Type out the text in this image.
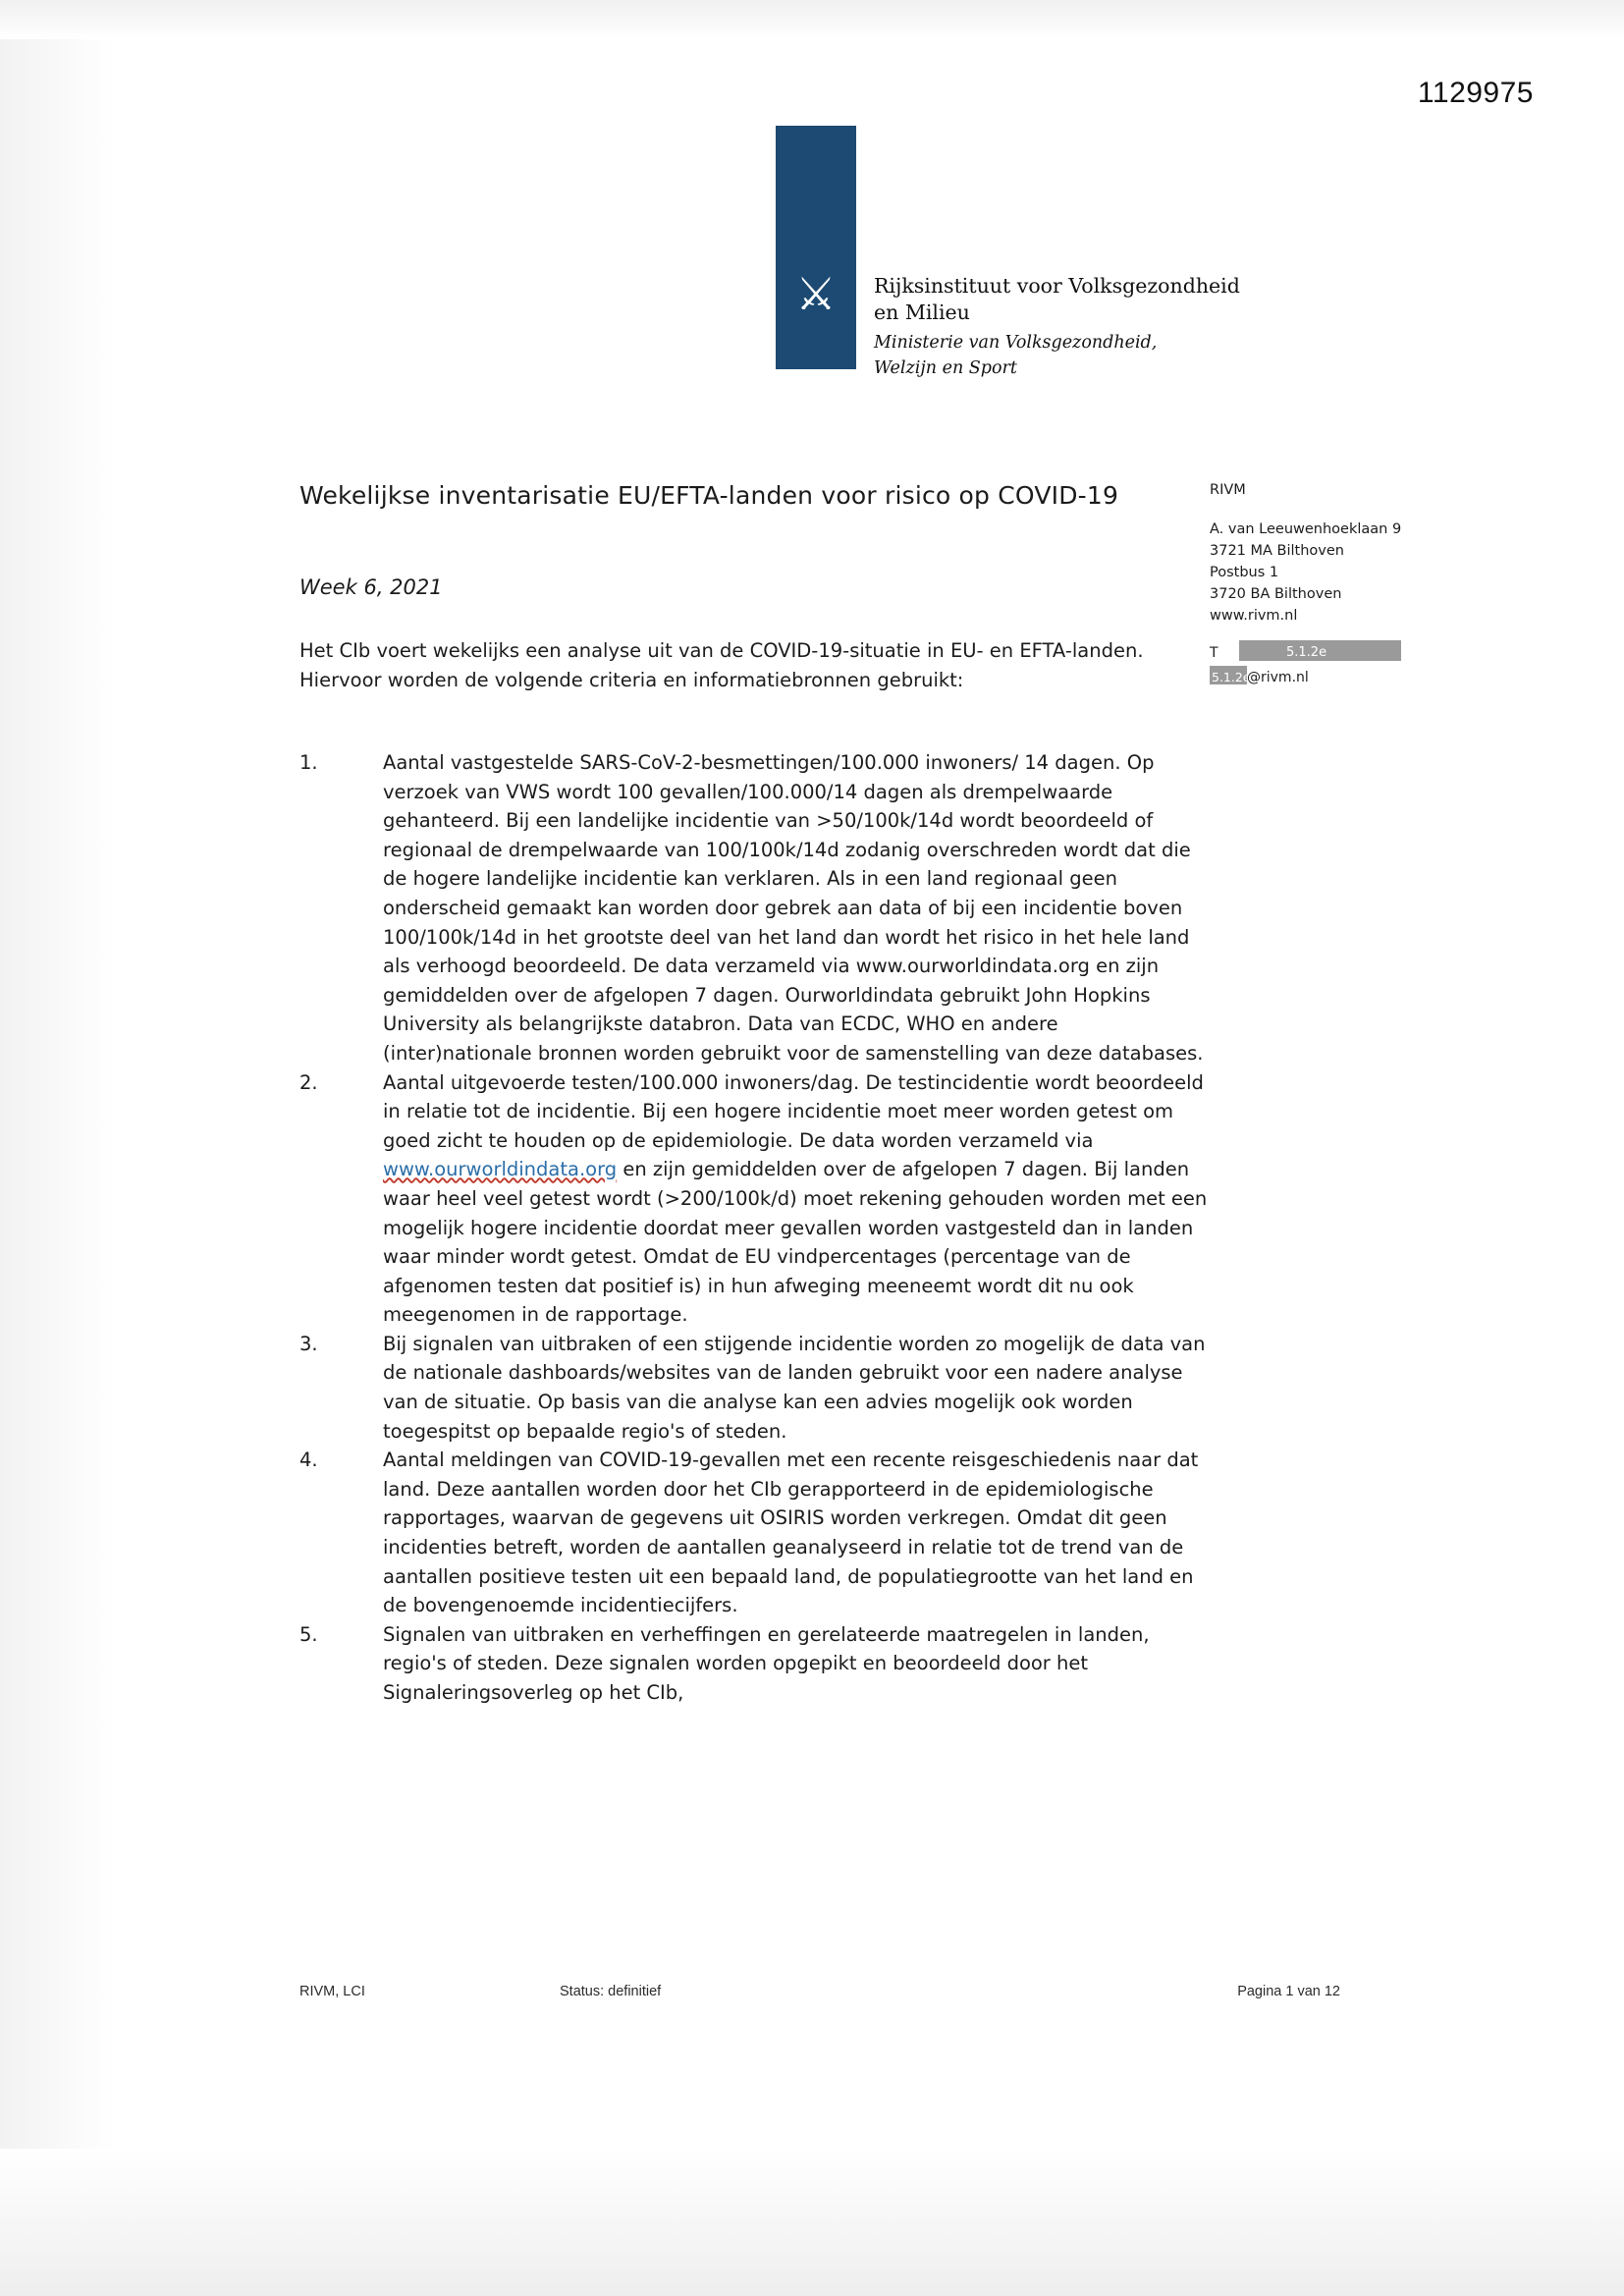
1129975
⚔	Rijksinstituut voor Volksgezondheid
en Milieu
Ministerie van Volksgezondheid,
Welzijn en Sport
Wekelijkse inventarisatie EU/EFTA-landen voor risico op COVID-19
Week 6, 2021
Het CIb voert wekelijks een analyse uit van de COVID-19-situatie in EU- en EFTA-landen. Hiervoor worden de volgende criteria en informatiebronnen gebruikt:
RIVM
A. van Leeuwenhoeklaan 9
3721 MA Bilthoven
Postbus 1
3720 BA Bilthoven
www.rivm.nl
T	5.1.2e
5.1.2e
@rivm.nl
1.	Aantal vastgestelde SARS-CoV-2-besmettingen/100.000 inwoners/ 14 dagen. Op verzoek van VWS wordt 100 gevallen/100.000/14 dagen als drempelwaarde gehanteerd. Bij een landelijke incidentie van >50/100k/14d wordt beoordeeld of regionaal de drempelwaarde van 100/100k/14d zodanig overschreden wordt dat die de hogere landelijke incidentie kan verklaren. Als in een land regionaal geen onderscheid gemaakt kan worden door gebrek aan data of bij een incidentie boven 100/100k/14d in het grootste deel van het land dan wordt het risico in het hele land als verhoogd beoordeeld. De data verzameld via www.ourworldindata.org en zijn gemiddelden over de afgelopen 7 dagen. Ourworldindata gebruikt John Hopkins University als belangrijkste databron. Data van ECDC, WHO en andere (inter)nationale bronnen worden gebruikt voor de samenstelling van deze databases.

2.	Aantal uitgevoerde testen/100.000 inwoners/dag. De testincidentie wordt beoordeeld in relatie tot de incidentie. Bij een hogere incidentie moet meer worden getest om goed zicht te houden op de epidemiologie. De data worden verzameld via www.ourworldindata.org en zijn gemiddelden over de afgelopen 7 dagen. Bij landen waar heel veel getest wordt (>200/100k/d) moet rekening gehouden worden met een mogelijk hogere incidentie doordat meer gevallen worden vastgesteld dan in landen waar minder wordt getest. Omdat de EU vindpercentages (percentage van de afgenomen testen dat positief is) in hun afweging meeneemt wordt dit nu ook meegenomen in de rapportage.

3.	Bij signalen van uitbraken of een stijgende incidentie worden zo mogelijk de data van de nationale dashboards/websites van de landen gebruikt voor een nadere analyse van de situatie. Op basis van die analyse kan een advies mogelijk ook worden toegespitst op bepaalde regio's of steden.

4.	Aantal meldingen van COVID-19-gevallen met een recente reisgeschiedenis naar dat land. Deze aantallen worden door het CIb gerapporteerd in de epidemiologische rapportages, waarvan de gegevens uit OSIRIS worden verkregen. Omdat dit geen incidenties betreft, worden de aantallen geanalyseerd in relatie tot de trend van de aantallen positieve testen uit een bepaald land, de populatiegrootte van het land en de bovengenoemde incidentiecijfers.

5.	Signalen van uitbraken en verheffingen en gerelateerde maatregelen in landen, regio's of steden. Deze signalen worden opgepikt en beoordeeld door het Signaleringsoverleg op het CIb,

RIVM, LCI	Status: definitief	Pagina 1 van 12
